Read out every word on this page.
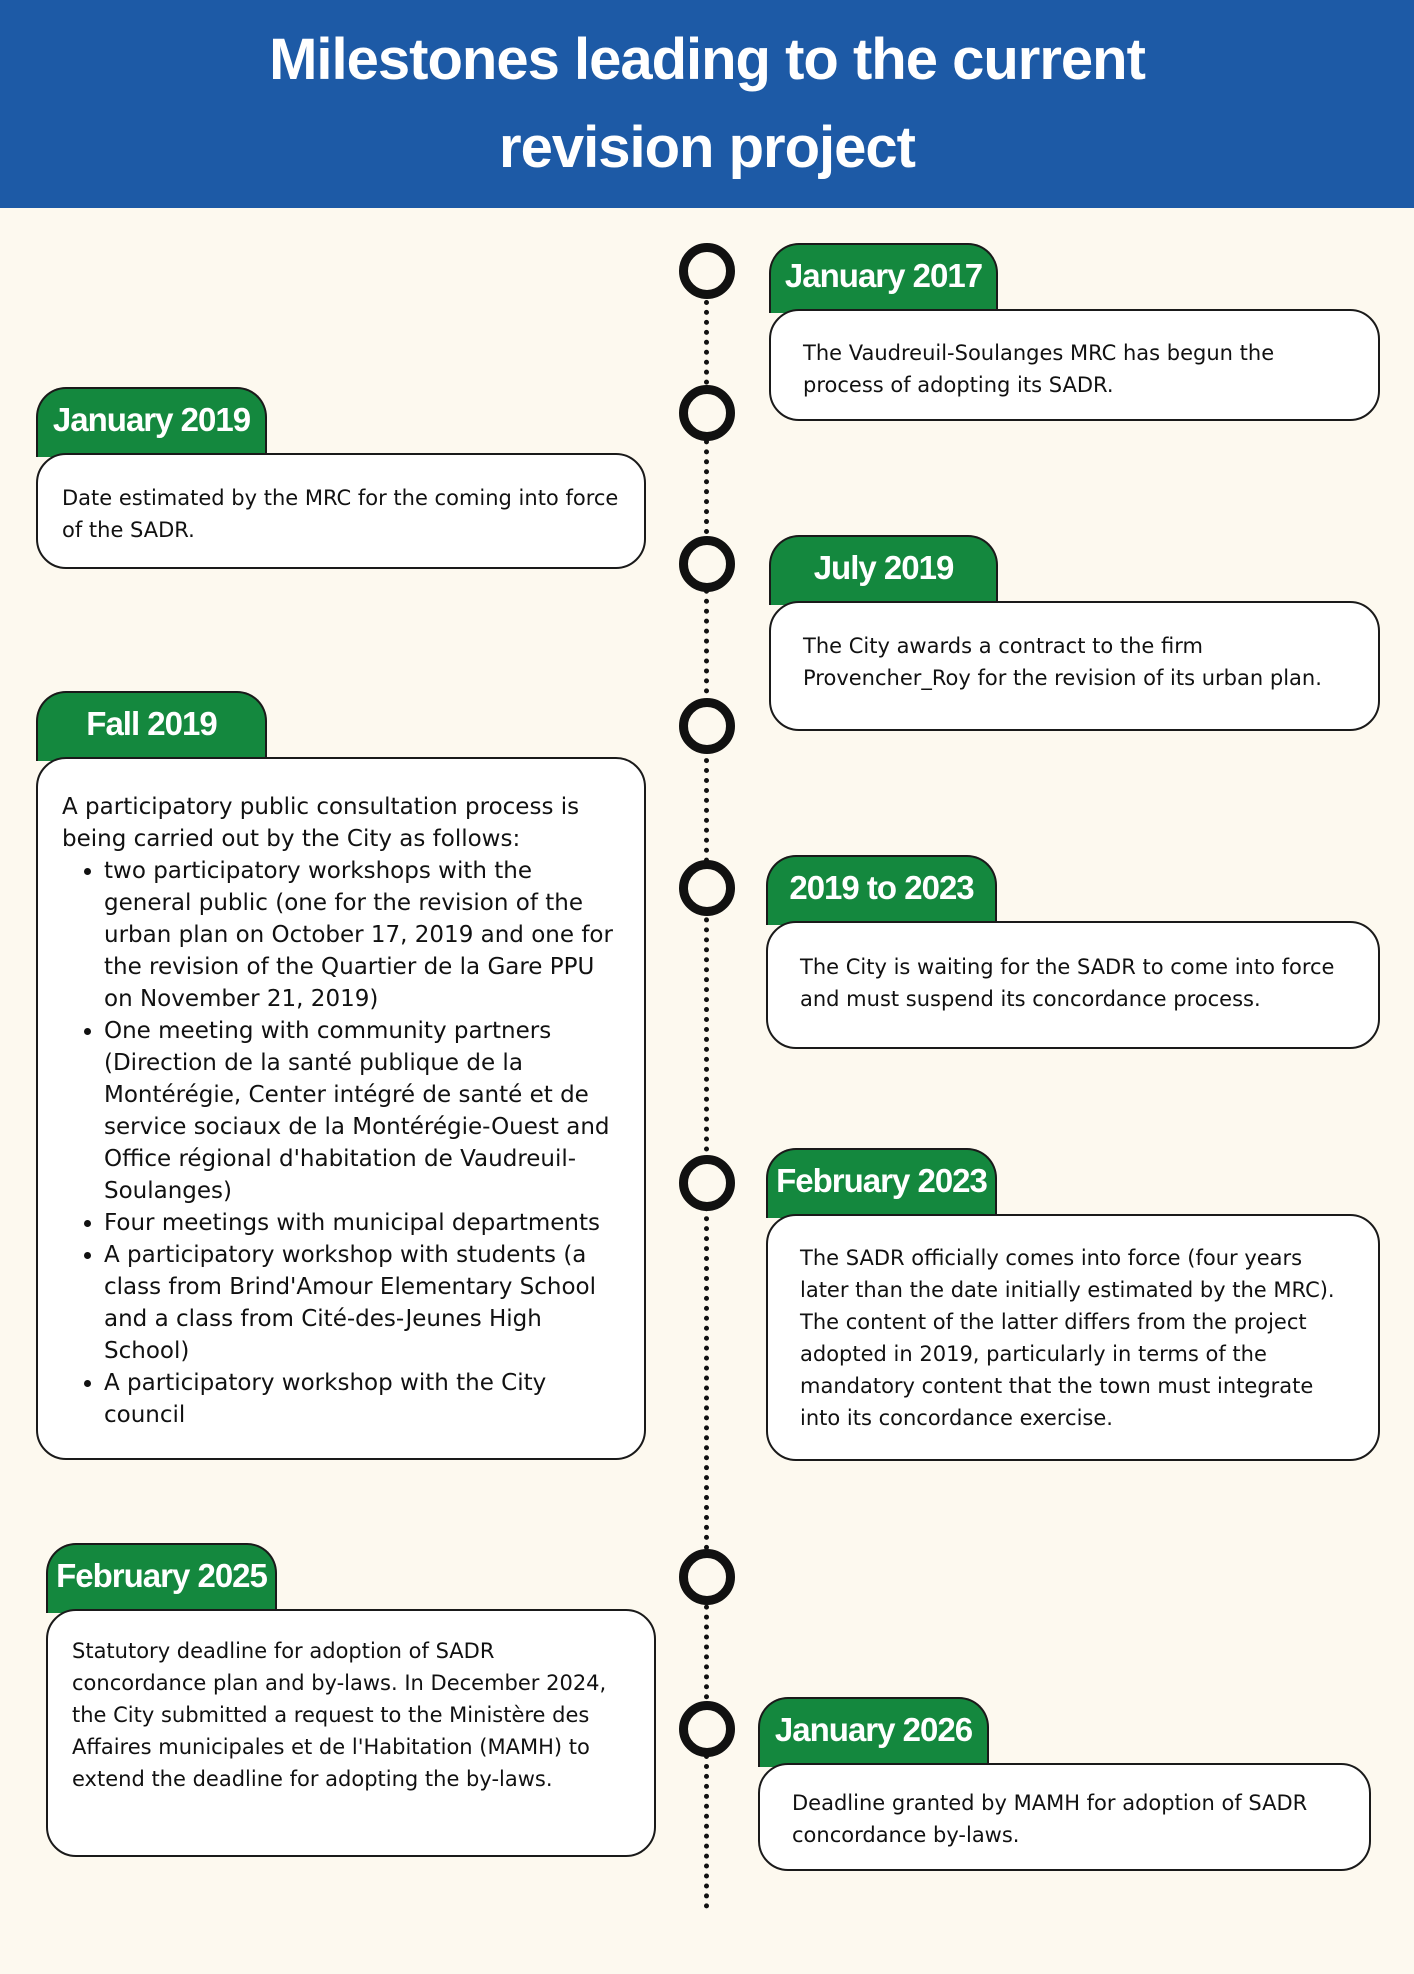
Milestones leading to the current
revision project
January 2017

The Vaudreuil-Soulanges MRC has begun the process of adopting its SADR.

January 2019

Date estimated by the MRC for the coming into force of the SADR.

July 2019

The City awards a contract to the firm Provencher_Roy for the revision of its urban plan.

Fall 2019

A participatory public consultation process is being carried out by the City as follows:

• two participatory workshops with the general public (one for the revision of the urban plan on October 17, 2019 and one for the revision of the Quartier de la Gare PPU on November 21, 2019)
• One meeting with community partners (Direction de la santé publique de la Montérégie, Center intégré de santé et de service sociaux de la Montérégie-Ouest and Office régional d'habitation de Vaudreuil-Soulanges)
• Four meetings with municipal departments
• A participatory workshop with students (a class from Brind'Amour Elementary School and a class from Cité-des-Jeunes High School)
• A participatory workshop with the City council
2019 to 2023

The City is waiting for the SADR to come into force and must suspend its concordance process.

February 2023

The SADR officially comes into force (four years later than the date initially estimated by the MRC). The content of the latter differs from the project adopted in 2019, particularly in terms of the mandatory content that the town must integrate into its concordance exercise.

February 2025

Statutory deadline for adoption of SADR concordance plan and by-laws. In December 2024, the City submitted a request to the Ministère des Affaires municipales et de l'Habitation (MAMH) to extend the deadline for adopting the by-laws.

January 2026

Deadline granted by MAMH for adoption of SADR concordance by-laws.
